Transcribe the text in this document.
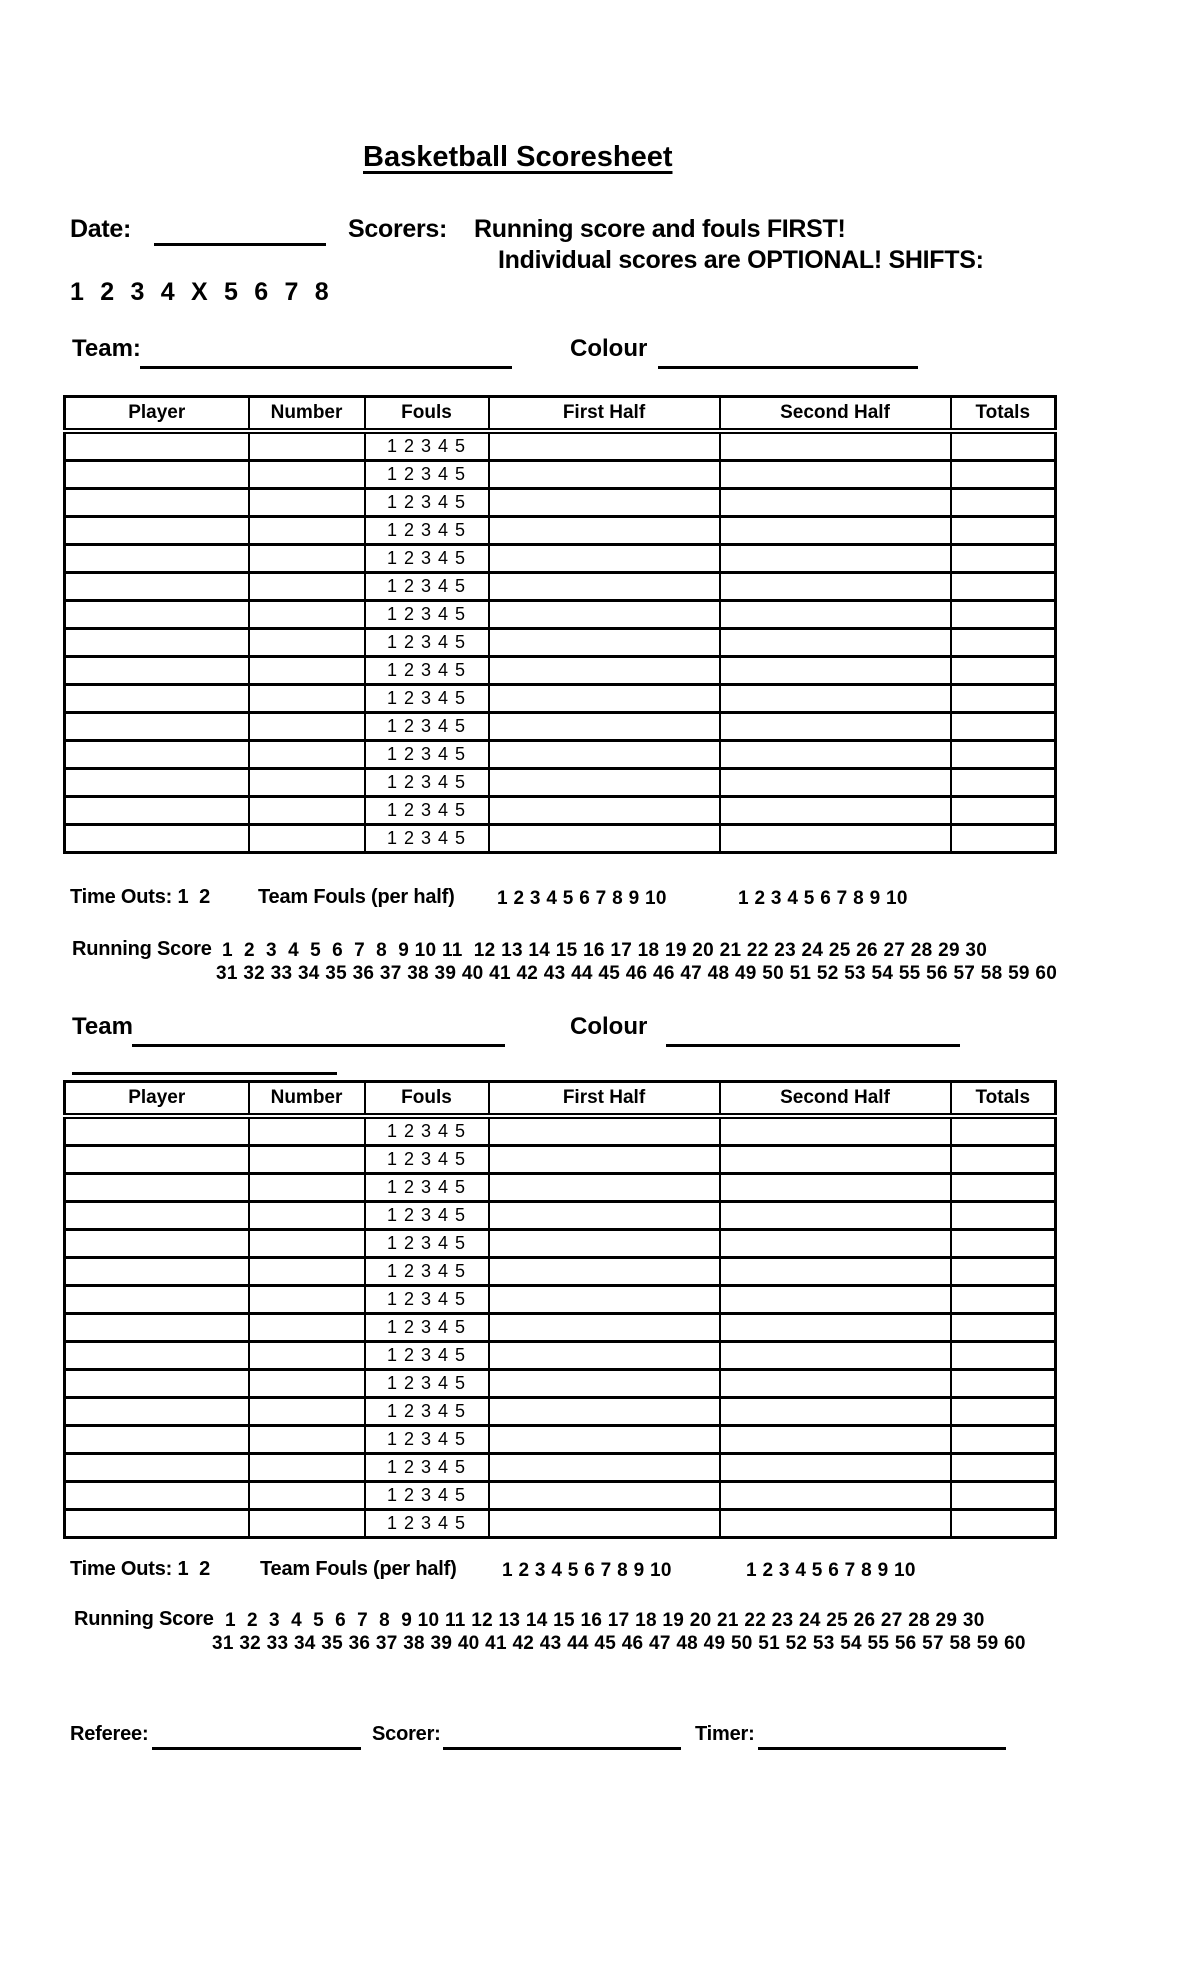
Basketball Scoresheet
Date:	Scorers: Running score and fouls FIRST!
Individual scores are OPTIONAL! SHIFTS:
1 2 3 4 X 5 6 7 8
Team:	Colour
Player	Number	Fouls	First Half	Second Half	Totals
		1 2 3 4 5			
		1 2 3 4 5			
		1 2 3 4 5			
		1 2 3 4 5			
		1 2 3 4 5			
		1 2 3 4 5			
		1 2 3 4 5			
		1 2 3 4 5			
		1 2 3 4 5			
		1 2 3 4 5			
		1 2 3 4 5			
		1 2 3 4 5			
		1 2 3 4 5			
		1 2 3 4 5			
		1 2 3 4 5			
Time Outs: 1  2 Team Fouls (per half) 1 2 3 4 5 6 7 8 9 10	1 2 3 4 5 6 7 8 9 10
Running Score 1  2  3  4  5  6  7  8  9 10 11  12 13 14 15 16 17 18 19 20 21 22 23 24 25 26 27 28 29 30
31 32 33 34 35 36 37 38 39 40 41 42 43 44 45 46 46 47 48 49 50 51 52 53 54 55 56 57 58 59 60
Team	Colour
Player	Number	Fouls	First Half	Second Half	Totals
		1 2 3 4 5			
		1 2 3 4 5			
		1 2 3 4 5			
		1 2 3 4 5			
		1 2 3 4 5			
		1 2 3 4 5			
		1 2 3 4 5			
		1 2 3 4 5			
		1 2 3 4 5			
		1 2 3 4 5			
		1 2 3 4 5			
		1 2 3 4 5			
		1 2 3 4 5			
		1 2 3 4 5			
		1 2 3 4 5			
Time Outs: 1  2 Team Fouls (per half) 1 2 3 4 5 6 7 8 9 10	1 2 3 4 5 6 7 8 9 10
Running Score 1  2  3  4  5  6  7  8  9 10 11 12 13 14 15 16 17 18 19 20 21 22 23 24 25 26 27 28 29 30
31 32 33 34 35 36 37 38 39 40 41 42 43 44 45 46 47 48 49 50 51 52 53 54 55 56 57 58 59 60
Referee:	Scorer:	Timer:
